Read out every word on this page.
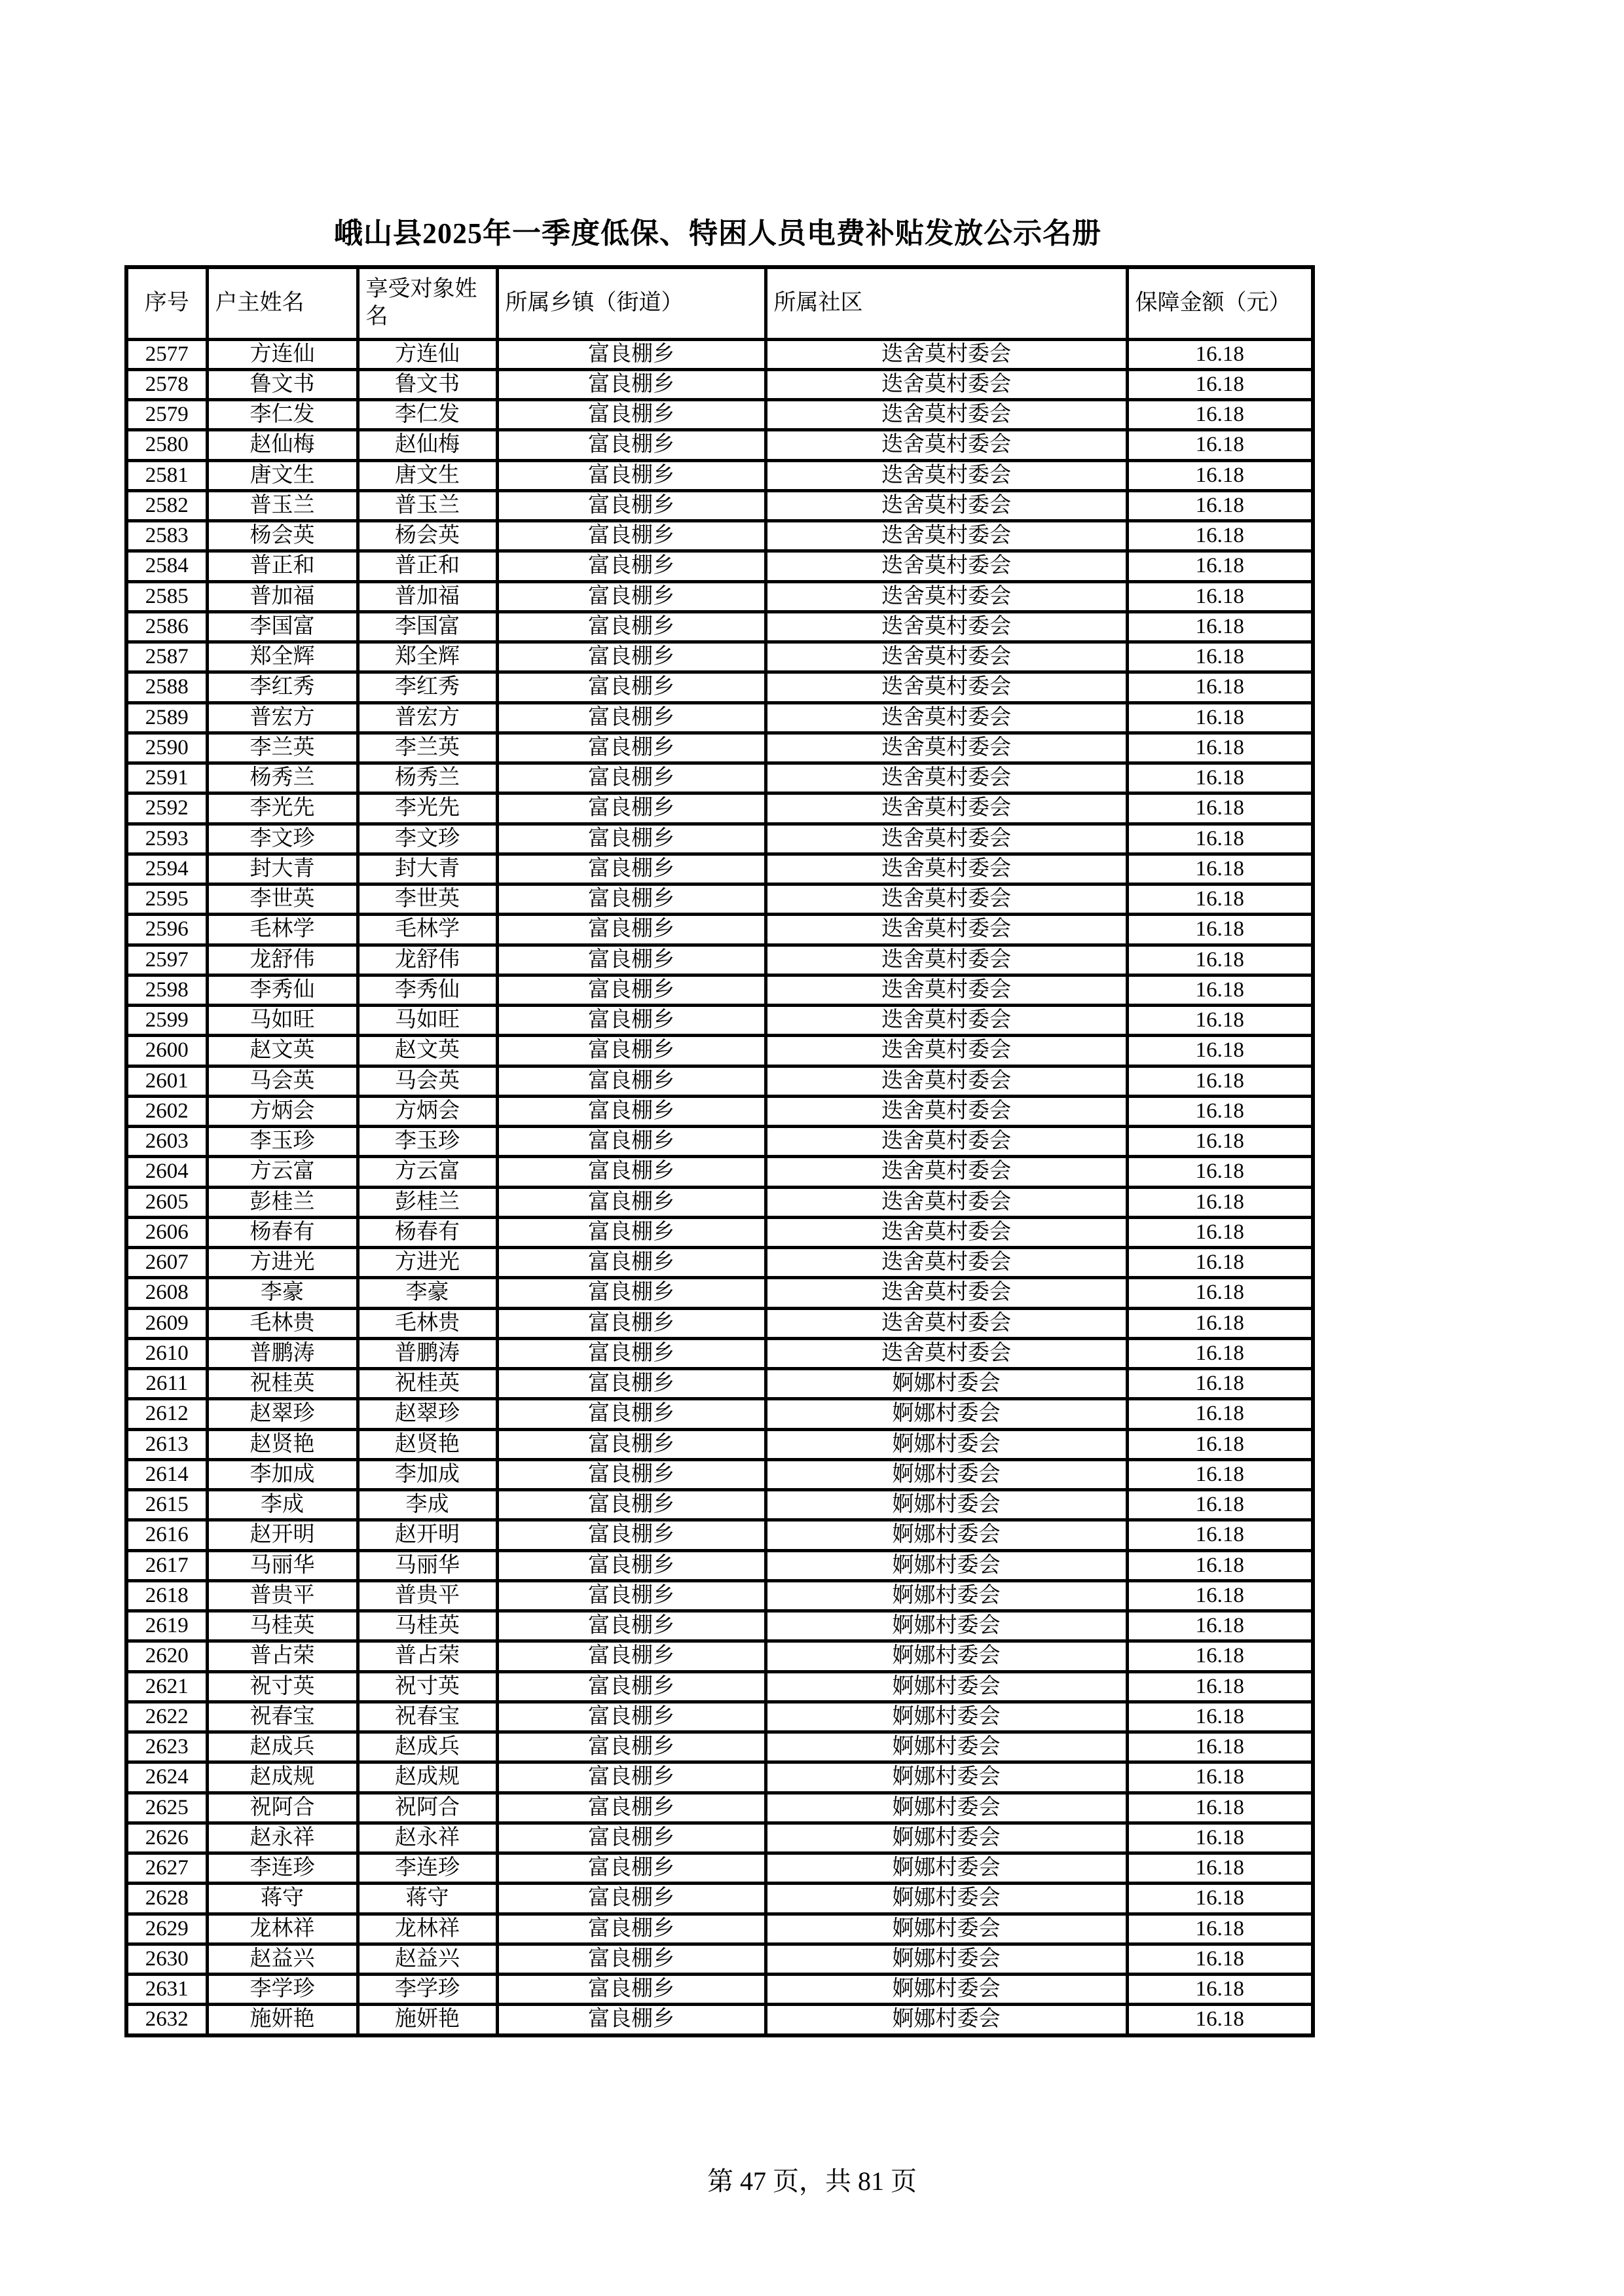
峨山县2025年一季度低保、特困人员电费补贴发放公示名册
序号	户主姓名	享受对象姓名	所属乡镇（街道）	所属社区	保障金额（元）
2577	方连仙	方连仙	富良棚乡	迭舍莫村委会	16.18
2578	鲁文书	鲁文书	富良棚乡	迭舍莫村委会	16.18
2579	李仁发	李仁发	富良棚乡	迭舍莫村委会	16.18
2580	赵仙梅	赵仙梅	富良棚乡	迭舍莫村委会	16.18
2581	唐文生	唐文生	富良棚乡	迭舍莫村委会	16.18
2582	普玉兰	普玉兰	富良棚乡	迭舍莫村委会	16.18
2583	杨会英	杨会英	富良棚乡	迭舍莫村委会	16.18
2584	普正和	普正和	富良棚乡	迭舍莫村委会	16.18
2585	普加福	普加福	富良棚乡	迭舍莫村委会	16.18
2586	李国富	李国富	富良棚乡	迭舍莫村委会	16.18
2587	郑全辉	郑全辉	富良棚乡	迭舍莫村委会	16.18
2588	李红秀	李红秀	富良棚乡	迭舍莫村委会	16.18
2589	普宏方	普宏方	富良棚乡	迭舍莫村委会	16.18
2590	李兰英	李兰英	富良棚乡	迭舍莫村委会	16.18
2591	杨秀兰	杨秀兰	富良棚乡	迭舍莫村委会	16.18
2592	李光先	李光先	富良棚乡	迭舍莫村委会	16.18
2593	李文珍	李文珍	富良棚乡	迭舍莫村委会	16.18
2594	封大青	封大青	富良棚乡	迭舍莫村委会	16.18
2595	李世英	李世英	富良棚乡	迭舍莫村委会	16.18
2596	毛林学	毛林学	富良棚乡	迭舍莫村委会	16.18
2597	龙舒伟	龙舒伟	富良棚乡	迭舍莫村委会	16.18
2598	李秀仙	李秀仙	富良棚乡	迭舍莫村委会	16.18
2599	马如旺	马如旺	富良棚乡	迭舍莫村委会	16.18
2600	赵文英	赵文英	富良棚乡	迭舍莫村委会	16.18
2601	马会英	马会英	富良棚乡	迭舍莫村委会	16.18
2602	方炳会	方炳会	富良棚乡	迭舍莫村委会	16.18
2603	李玉珍	李玉珍	富良棚乡	迭舍莫村委会	16.18
2604	方云富	方云富	富良棚乡	迭舍莫村委会	16.18
2605	彭桂兰	彭桂兰	富良棚乡	迭舍莫村委会	16.18
2606	杨春有	杨春有	富良棚乡	迭舍莫村委会	16.18
2607	方进光	方进光	富良棚乡	迭舍莫村委会	16.18
2608	李豪	李豪	富良棚乡	迭舍莫村委会	16.18
2609	毛林贵	毛林贵	富良棚乡	迭舍莫村委会	16.18
2610	普鹏涛	普鹏涛	富良棚乡	迭舍莫村委会	16.18
2611	祝桂英	祝桂英	富良棚乡	婀娜村委会	16.18
2612	赵翠珍	赵翠珍	富良棚乡	婀娜村委会	16.18
2613	赵贤艳	赵贤艳	富良棚乡	婀娜村委会	16.18
2614	李加成	李加成	富良棚乡	婀娜村委会	16.18
2615	李成	李成	富良棚乡	婀娜村委会	16.18
2616	赵开明	赵开明	富良棚乡	婀娜村委会	16.18
2617	马丽华	马丽华	富良棚乡	婀娜村委会	16.18
2618	普贵平	普贵平	富良棚乡	婀娜村委会	16.18
2619	马桂英	马桂英	富良棚乡	婀娜村委会	16.18
2620	普占荣	普占荣	富良棚乡	婀娜村委会	16.18
2621	祝寸英	祝寸英	富良棚乡	婀娜村委会	16.18
2622	祝春宝	祝春宝	富良棚乡	婀娜村委会	16.18
2623	赵成兵	赵成兵	富良棚乡	婀娜村委会	16.18
2624	赵成规	赵成规	富良棚乡	婀娜村委会	16.18
2625	祝阿合	祝阿合	富良棚乡	婀娜村委会	16.18
2626	赵永祥	赵永祥	富良棚乡	婀娜村委会	16.18
2627	李连珍	李连珍	富良棚乡	婀娜村委会	16.18
2628	蒋守	蒋守	富良棚乡	婀娜村委会	16.18
2629	龙林祥	龙林祥	富良棚乡	婀娜村委会	16.18
2630	赵益兴	赵益兴	富良棚乡	婀娜村委会	16.18
2631	李学珍	李学珍	富良棚乡	婀娜村委会	16.18
2632	施妍艳	施妍艳	富良棚乡	婀娜村委会	16.18
第 47 页，共 81 页
